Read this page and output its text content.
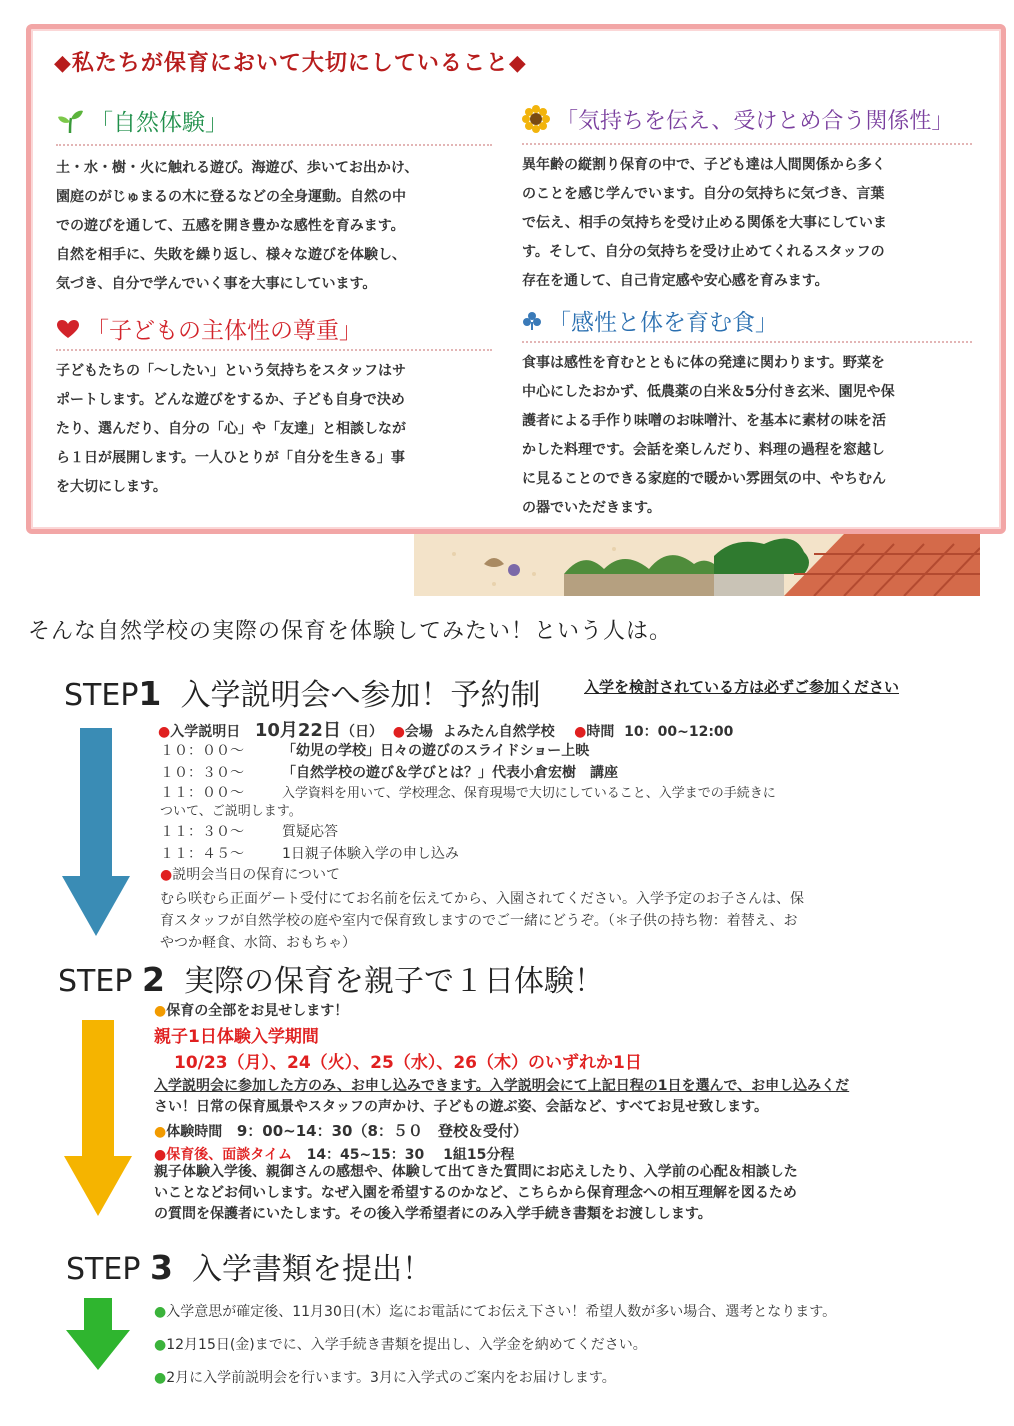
◆私たちが保育において大切にしていること◆
「自然体験」
土・水・樹・火に触れる遊び。海遊び、歩いてお出かけ、
園庭のがじゅまるの木に登るなどの全身運動。自然の中
での遊びを通して、五感を開き豊かな感性を育みます。
自然を相手に、失敗を繰り返し、様々な遊びを体験し、
気づき、自分で学んでいく事を大事にしています。
「気持ちを伝え、受けとめ合う関係性」
異年齢の縦割り保育の中で、子ども達は人間関係から多く
のことを感じ学んでいます。自分の気持ちに気づき、言葉
で伝え、相手の気持ちを受け止める関係を大事にしていま
す。そして、自分の気持ちを受け止めてくれるスタッフの
存在を通して、自己肯定感や安心感を育みます。
「子どもの主体性の尊重」
子どもたちの「～したい」という気持ちをスタッフはサ
ポートします。どんな遊びをするか、子ども自身で決め
たり、選んだり、自分の「心」や「友達」と相談しなが
ら１日が展開します。一人ひとりが「自分を生きる」事
を大切にします。
「感性と体を育む食」
食事は感性を育むとともに体の発達に関わります。野菜を
中心にしたおかず、低農薬の白米＆5分付き玄米、園児や保
護者による手作り味噌のお味噌汁、を基本に素材の味を活
かした料理です。会話を楽しんだり、料理の過程を窓越し
に見ることのできる家庭的で暖かい雰囲気の中、やちむん
の器でいただきます。
そんな自然学校の実際の保育を体験してみたい！という人は。
STEP1 入学説明会へ参加！予約制	入学を検討されている方は必ずご参加ください
● 入学説明日 10月22日（日） ● 会場 よみたん自然学校 ● 時間 10：00~12:00
１０：００～	「幼児の学校」日々の遊びのスライドショー上映
１０：３０～	「自然学校の遊び＆学びとは？」代表小倉宏樹　講座
１１：００～	入学資料を用いて、学校理念、保育現場で大切にしていること、入学までの手続きに
ついて、ご説明します。
１１：３０～	質疑応答
１１：４５～	1日親子体験入学の申し込み
●説明会当日の保育について
むら咲むら正面ゲート受付にてお名前を伝えてから、入園されてください。入学予定のお子さんは、保
育スタッフが自然学校の庭や室内で保育致しますのでご一緒にどうぞ。（＊子供の持ち物：着替え、お
やつか軽食、水筒、おもちゃ）
STEP 2 実際の保育を親子で１日体験！
●保育の全部をお見せします！
親子1日体験入学期間
10/23（月）、24（火）、25（水）、26（木）のいずれか1日
入学説明会に参加した方のみ、お申し込みできます。入学説明会にて上記日程の1日を選んで、お申し込みくだ
さい！日常の保育風景やスタッフの声かけ、子どもの遊ぶ姿、会話など、すべてお見せ致します。
●体験時間 9：00~14：30（8：５０　登校＆受付）
●保育後、面談タイム 14：45~15：30　 1組15分程
親子体験入学後、親御さんの感想や、体験して出てきた質問にお応えしたり、入学前の心配＆相談した
いことなどお伺いします。なぜ入園を希望するのかなど、こちらから保育理念への相互理解を図るため
の質問を保護者にいたします。その後入学希望者にのみ入学手続き書類をお渡しします。
STEP 3 入学書類を提出！
●入学意思が確定後、11月30日(木）迄にお電話にてお伝え下さい！希望人数が多い場合、選考となります。
●12月15日(金)までに、入学手続き書類を提出し、入学金を納めてください。
●2月に入学前説明会を行います。3月に入学式のご案内をお届けします。
